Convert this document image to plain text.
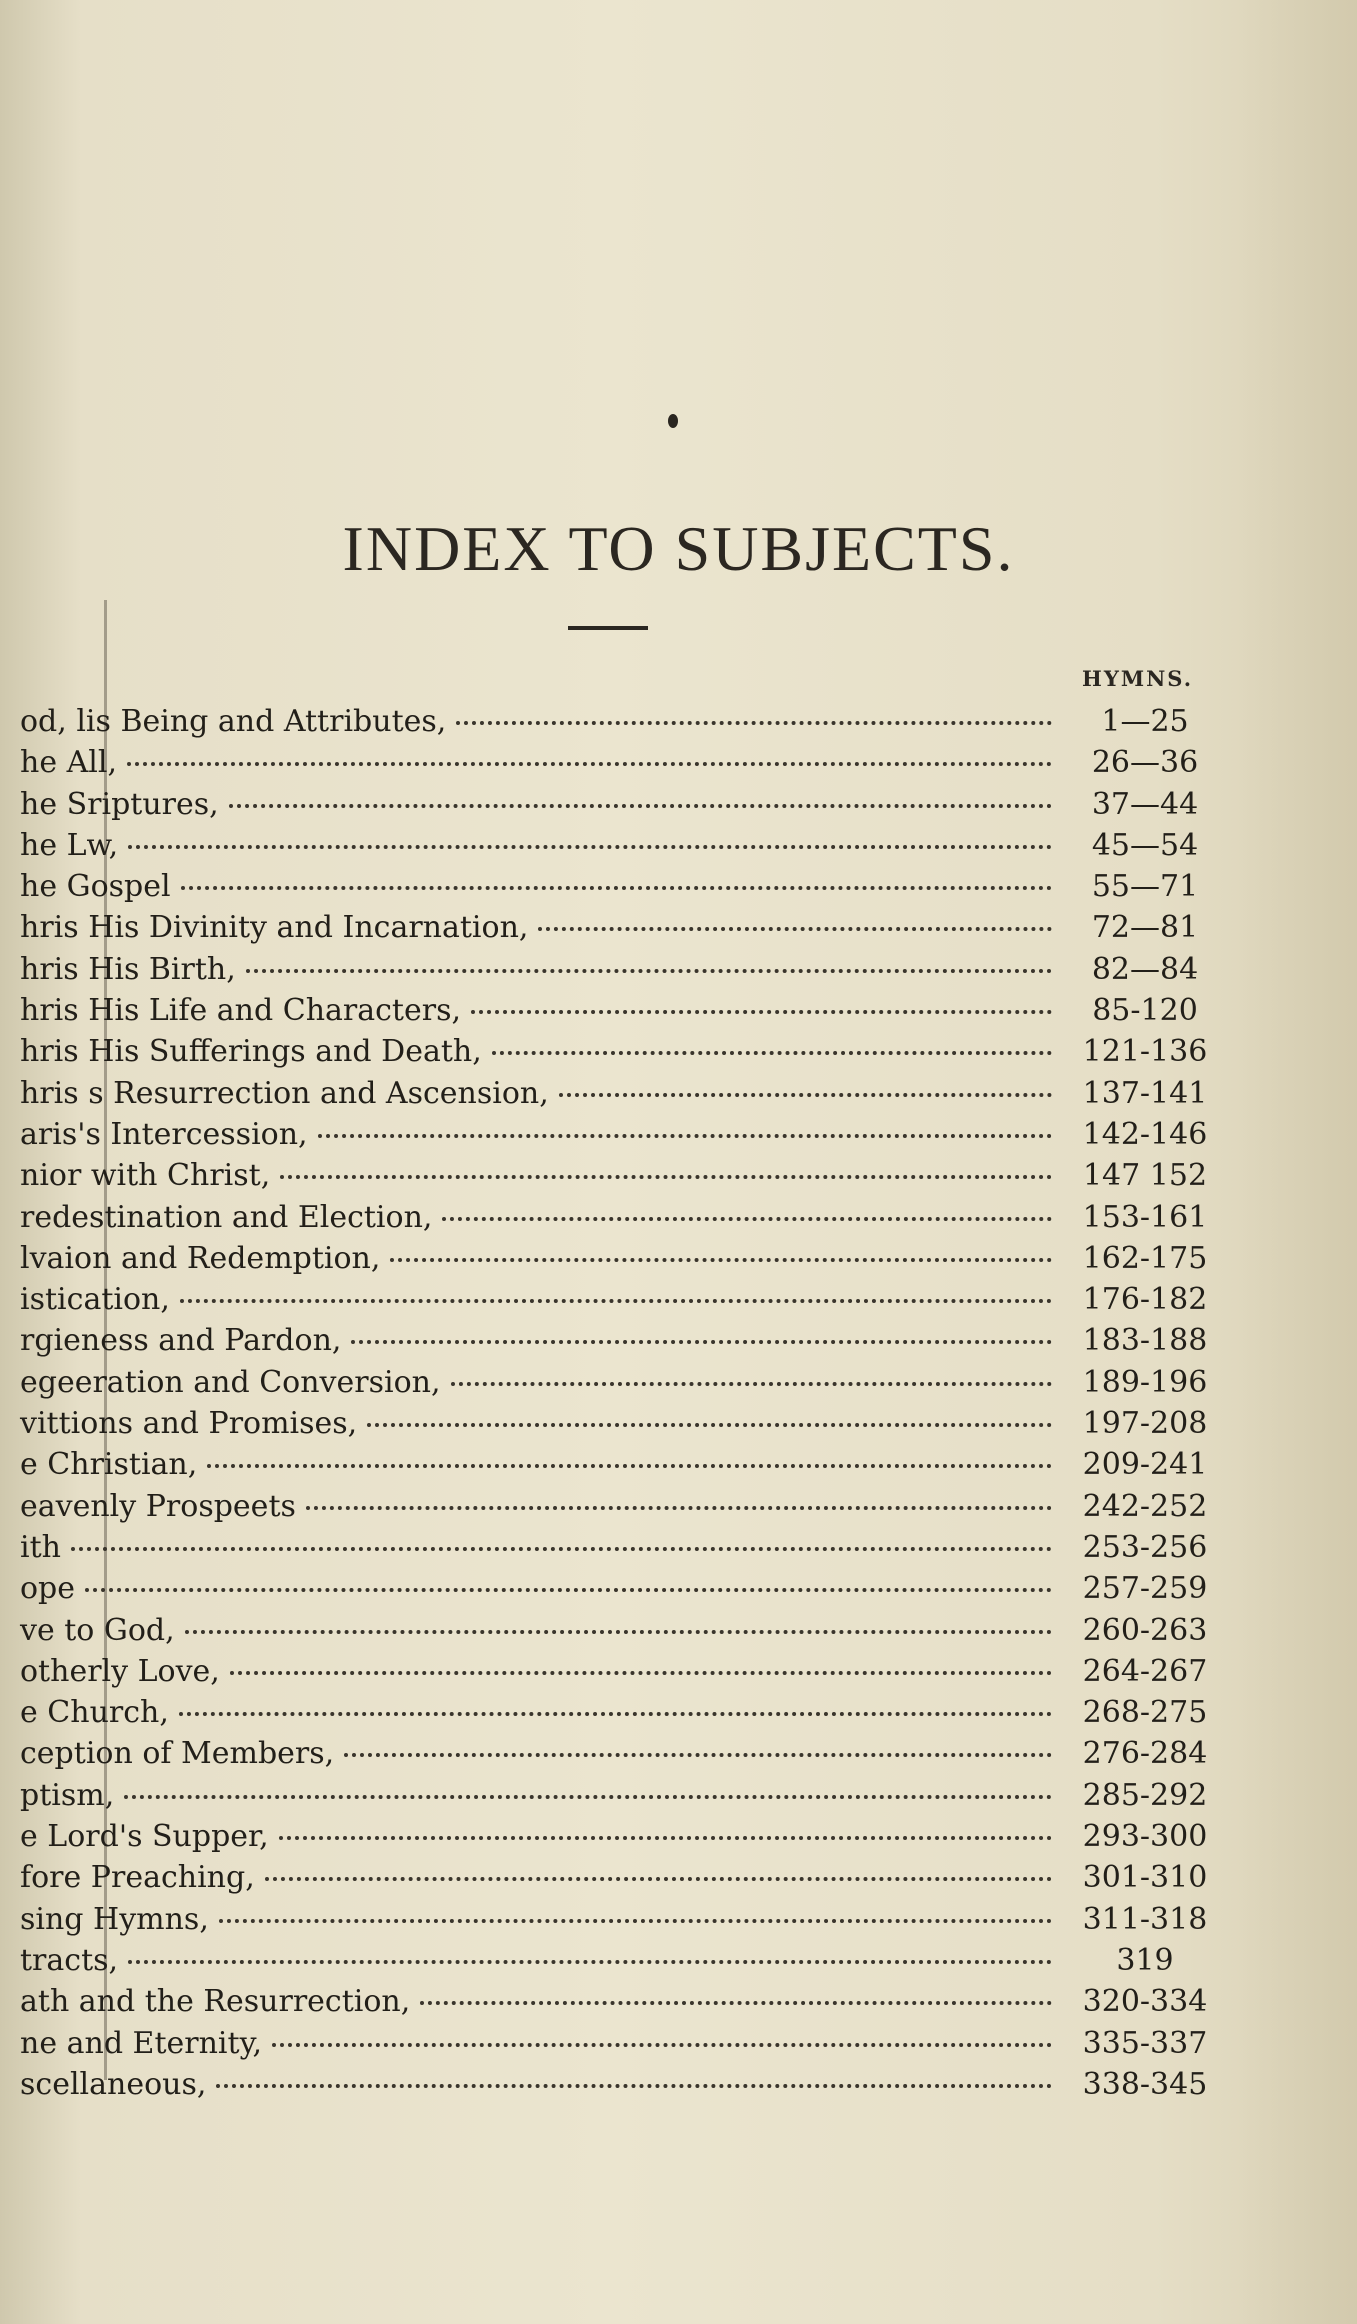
INDEX TO SUBJECTS.
HYMNS.
od, lis Being and Attributes,	1—25
he All,	26—36
he Sriptures,	37—44
he Lw,	45—54
he Gospel	55—71
hris His Divinity and Incarnation,	72—81
hris His Birth,	82—84
hris His Life and Characters,	85-120
hris His Sufferings and Death,	121-136
hris s Resurrection and Ascension,	137-141
aris's Intercession,	142-146
nior with Christ,	147 152
redestination and Election,	153-161
lvaion and Redemption,	162-175
istication,	176-182
rgieness and Pardon,	183-188
egeeration and Conversion,	189-196
vittions and Promises,	197-208
e Christian,	209-241
eavenly Prospeets	242-252
ith	253-256
ope	257-259
ve to God,	260-263
otherly Love,	264-267
e Church,	268-275
ception of Members,	276-284
ptism,	285-292
e Lord's Supper,	293-300
fore Preaching,	301-310
sing Hymns,	311-318
tracts,	319
ath and the Resurrection,	320-334
ne and Eternity,	335-337
scellaneous,	338-345
